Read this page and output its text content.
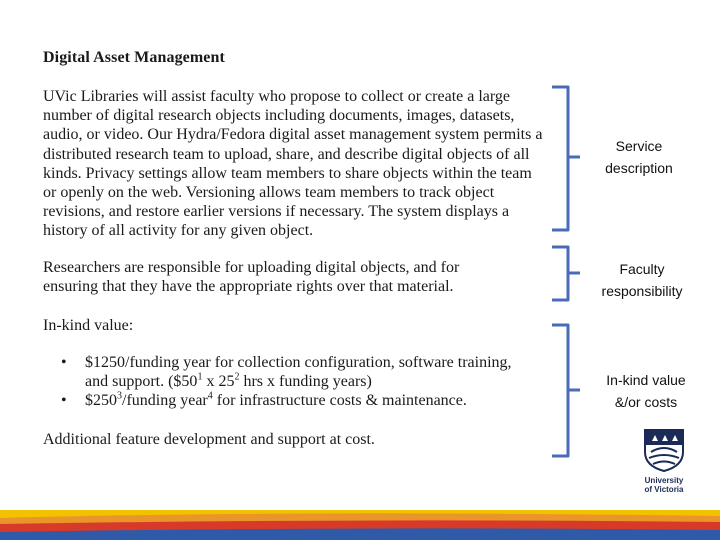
Digital Asset Management
UVic Libraries will assist faculty who propose to collect or create a large number of digital research objects including documents, images, datasets, audio, or video. Our Hydra/Fedora digital asset management system permits a distributed research team to upload, share, and describe digital objects of all kinds. Privacy settings allow team members to share objects within the team or openly on the web. Versioning allows team members to track object revisions, and restore earlier versions if necessary. The system displays a history of all activity for any given object.
Researchers are responsible for uploading digital objects, and for ensuring that they have the appropriate rights over that material.
In-kind value:
• $1250/funding year for collection configuration, software training,
and support. ($\$50^1$ x $25^2$ hrs x funding years)
• $\$250^3$/funding year$^4$ for infrastructure costs & maintenance.
Additional feature development and support at cost.
Service
description
Faculty
responsibility
In-kind value
&/or costs
University
of Victoria
